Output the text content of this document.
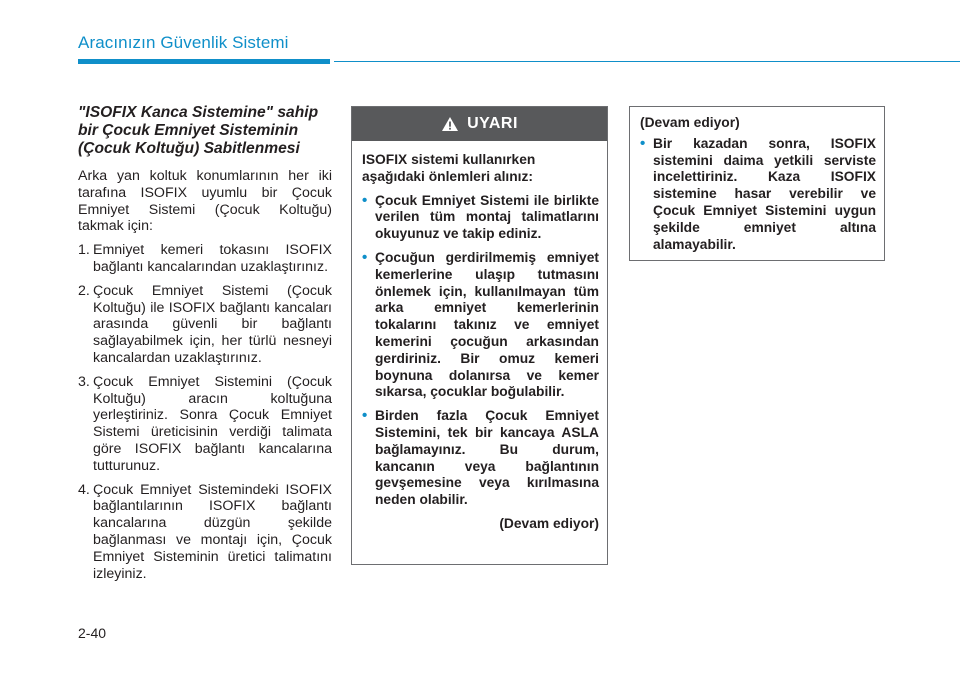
Aracınızın Güvenlik Sistemi
"ISOFIX Kanca Sistemine" sahip bir Çocuk Emniyet Sisteminin (Çocuk Koltuğu) Sabitlenmesi

Arka yan koltuk konumlarının her iki tarafına ISOFIX uyumlu bir Çocuk Emniyet Sistemi (Çocuk Koltuğu) takmak için:

1. Emniyet kemeri tokasını ISOFIX bağlantı kancalarından uzaklaştırınız.
2. Çocuk Emniyet Sistemi (Çocuk Koltuğu) ile ISOFIX bağlantı kancaları arasında güvenli bir bağlantı sağlayabilmek için, her türlü nesneyi kancalardan uzaklaştırınız.
3. Çocuk Emniyet Sistemini (Çocuk Koltuğu) aracın koltuğuna yerleştiriniz. Sonra Çocuk Emniyet Sistemi üreticisinin verdiği talimata göre ISOFIX bağlantı kancalarına tutturunuz.
4. Çocuk Emniyet Sistemindeki ISOFIX bağlantılarının ISOFIX bağlantı kancalarına düzgün şekilde bağlanması ve montajı için, Çocuk Emniyet Sisteminin üretici talimatını izleyiniz.
UYARI

ISOFIX sistemi kullanırken aşağıdaki önlemleri alınız:

• Çocuk Emniyet Sistemi ile birlikte verilen tüm montaj talimatlarını okuyunuz ve takip ediniz.
• Çocuğun gerdirilmemiş emniyet kemerlerine ulaşıp tutmasını önlemek için, kullanılmayan tüm arka emniyet kemerlerinin tokalarını takınız ve emniyet kemerini çocuğun arkasından gerdiriniz. Bir omuz kemeri boynuna dolanırsa ve kemer sıkarsa, çocuklar boğulabilir.
• Birden fazla Çocuk Emniyet Sistemini, tek bir kancaya ASLA bağlamayınız. Bu durum, kancanın veya bağlantının gevşemesine veya kırılmasına neden olabilir.

(Devam ediyor)

(Devam ediyor)

• Bir kazadan sonra, ISOFIX sistemini daima yetkili serviste incelettiriniz. Kaza ISOFIX sistemine hasar verebilir ve Çocuk Emniyet Sistemini uygun şekilde emniyet altına alamayabilir.
2-40
